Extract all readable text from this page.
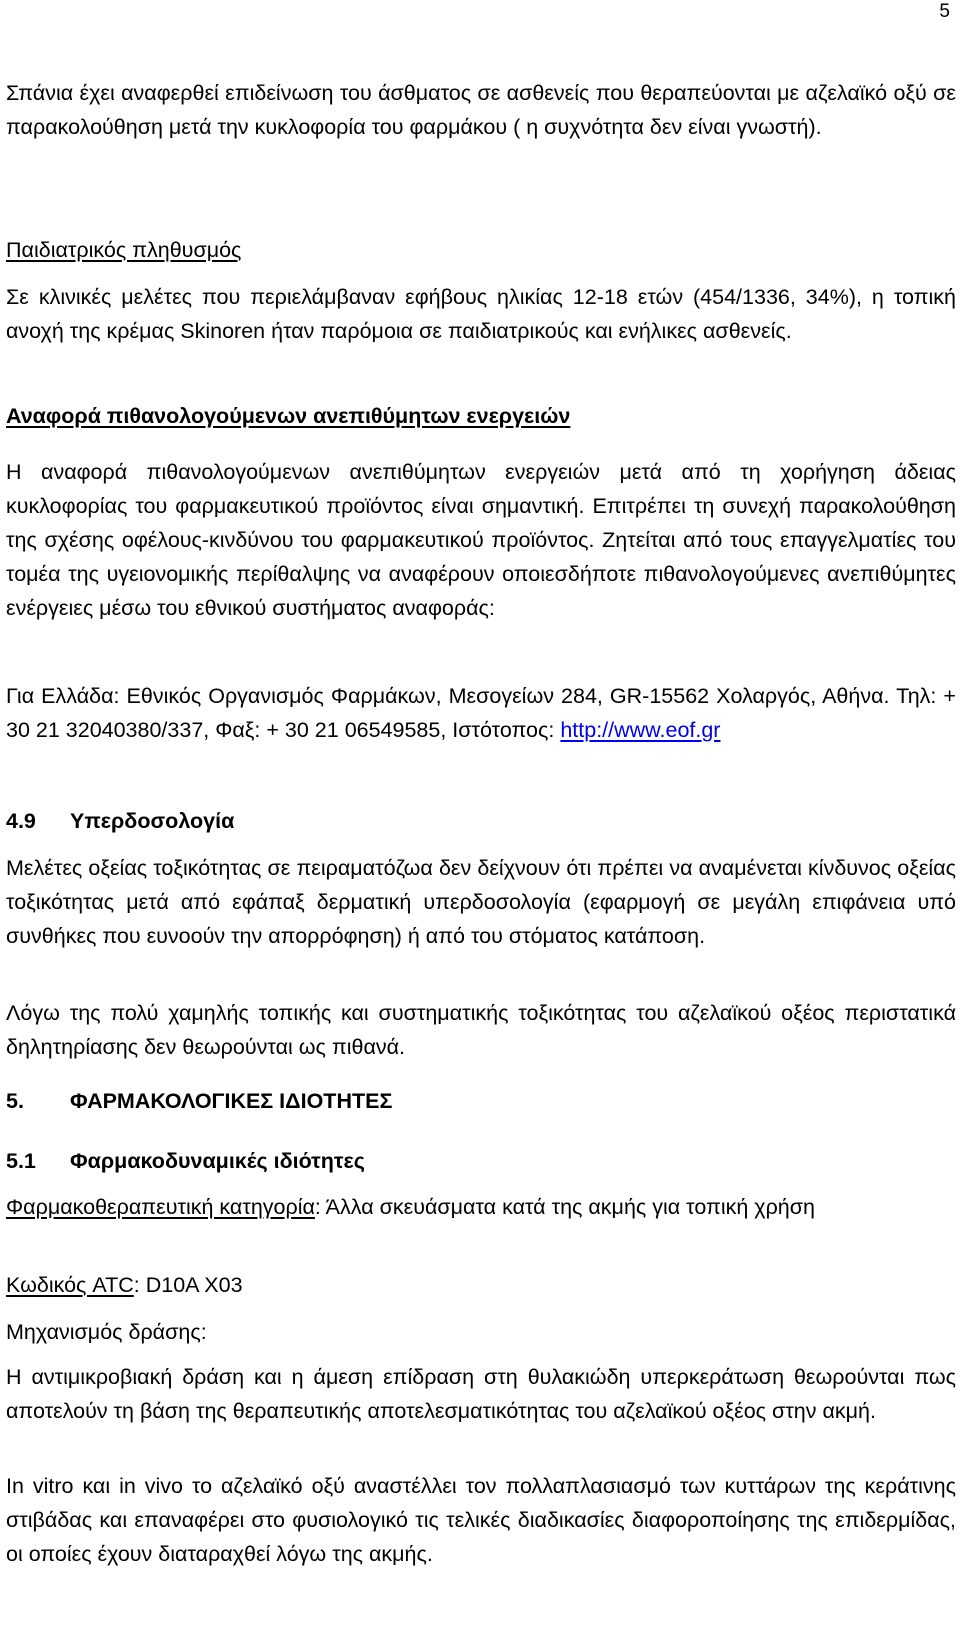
5

Σπάνια έχει αναφερθεί επιδείνωση του άσθματος σε ασθενείς που θεραπεύονται με αζελαϊκό οξύ σε παρακολούθηση μετά την κυκλοφορία του φαρμάκου ( η συχνότητα δεν είναι γνωστή).

Παιδιατρικός πληθυσμός

Σε κλινικές μελέτες που περιελάμβαναν εφήβους ηλικίας 12-18 ετών (454/1336, 34%), η τοπική ανοχή της κρέμας Skinoren ήταν παρόμοια σε παιδιατρικούς και ενήλικες ασθενείς.

Αναφορά πιθανολογούμενων ανεπιθύμητων ενεργειών

Η αναφορά πιθανολογούμενων ανεπιθύμητων ενεργειών μετά από τη χορήγηση άδειας κυκλοφορίας του φαρμακευτικού προϊόντος είναι σημαντική. Επιτρέπει τη συνεχή παρακολούθηση της σχέσης οφέλους-κινδύνου του φαρμακευτικού προϊόντος. Ζητείται από τους επαγγελματίες του τομέα της υγειονομικής περίθαλψης να αναφέρουν οποιεσδήποτε πιθανολογούμενες ανεπιθύμητες ενέργειες μέσω του εθνικού συστήματος αναφοράς:

Για Ελλάδα: Εθνικός Οργανισμός Φαρμάκων, Μεσογείων 284, GR-15562 Χολαργός, Αθήνα. Τηλ: + 30 21 32040380/337, Φαξ: + 30 21 06549585, Ιστότοπος: http://www.eof.gr

4.9 Υπερδοσολογία

Μελέτες οξείας τοξικότητας σε πειραματόζωα δεν δείχνουν ότι πρέπει να αναμένεται κίνδυνος οξείας τοξικότητας μετά από εφάπαξ δερματική υπερδοσολογία (εφαρμογή σε μεγάλη επιφάνεια υπό συνθήκες που ευνοούν την απορρόφηση) ή από του στόματος κατάποση.

Λόγω της πολύ χαμηλής τοπικής και συστηματικής τοξικότητας του αζελαϊκού οξέος περιστατικά δηλητηρίασης δεν θεωρούνται ως πιθανά.

5. ΦΑΡΜΑΚΟΛΟΓΙΚΕΣ ΙΔΙΟΤΗΤΕΣ

5.1 Φαρμακοδυναμικές ιδιότητες

Φαρμακοθεραπευτική κατηγορία: Άλλα σκευάσματα κατά της ακμής για τοπική χρήση

Κωδικός ATC: D10A X03

Μηχανισμός δράσης:

Η αντιμικροβιακή δράση και η άμεση επίδραση στη θυλακιώδη υπερκεράτωση θεωρούνται πως αποτελούν τη βάση της θεραπευτικής αποτελεσματικότητας του αζελαϊκού οξέος στην ακμή.

In vitro και in vivo το αζελαϊκό οξύ αναστέλλει τον πολλαπλασιασμό των κυττάρων της κεράτινης στιβάδας και επαναφέρει στο φυσιολογικό τις τελικές διαδικασίες διαφοροποίησης της επιδερμίδας, οι οποίες έχουν διαταραχθεί λόγω της ακμής.
